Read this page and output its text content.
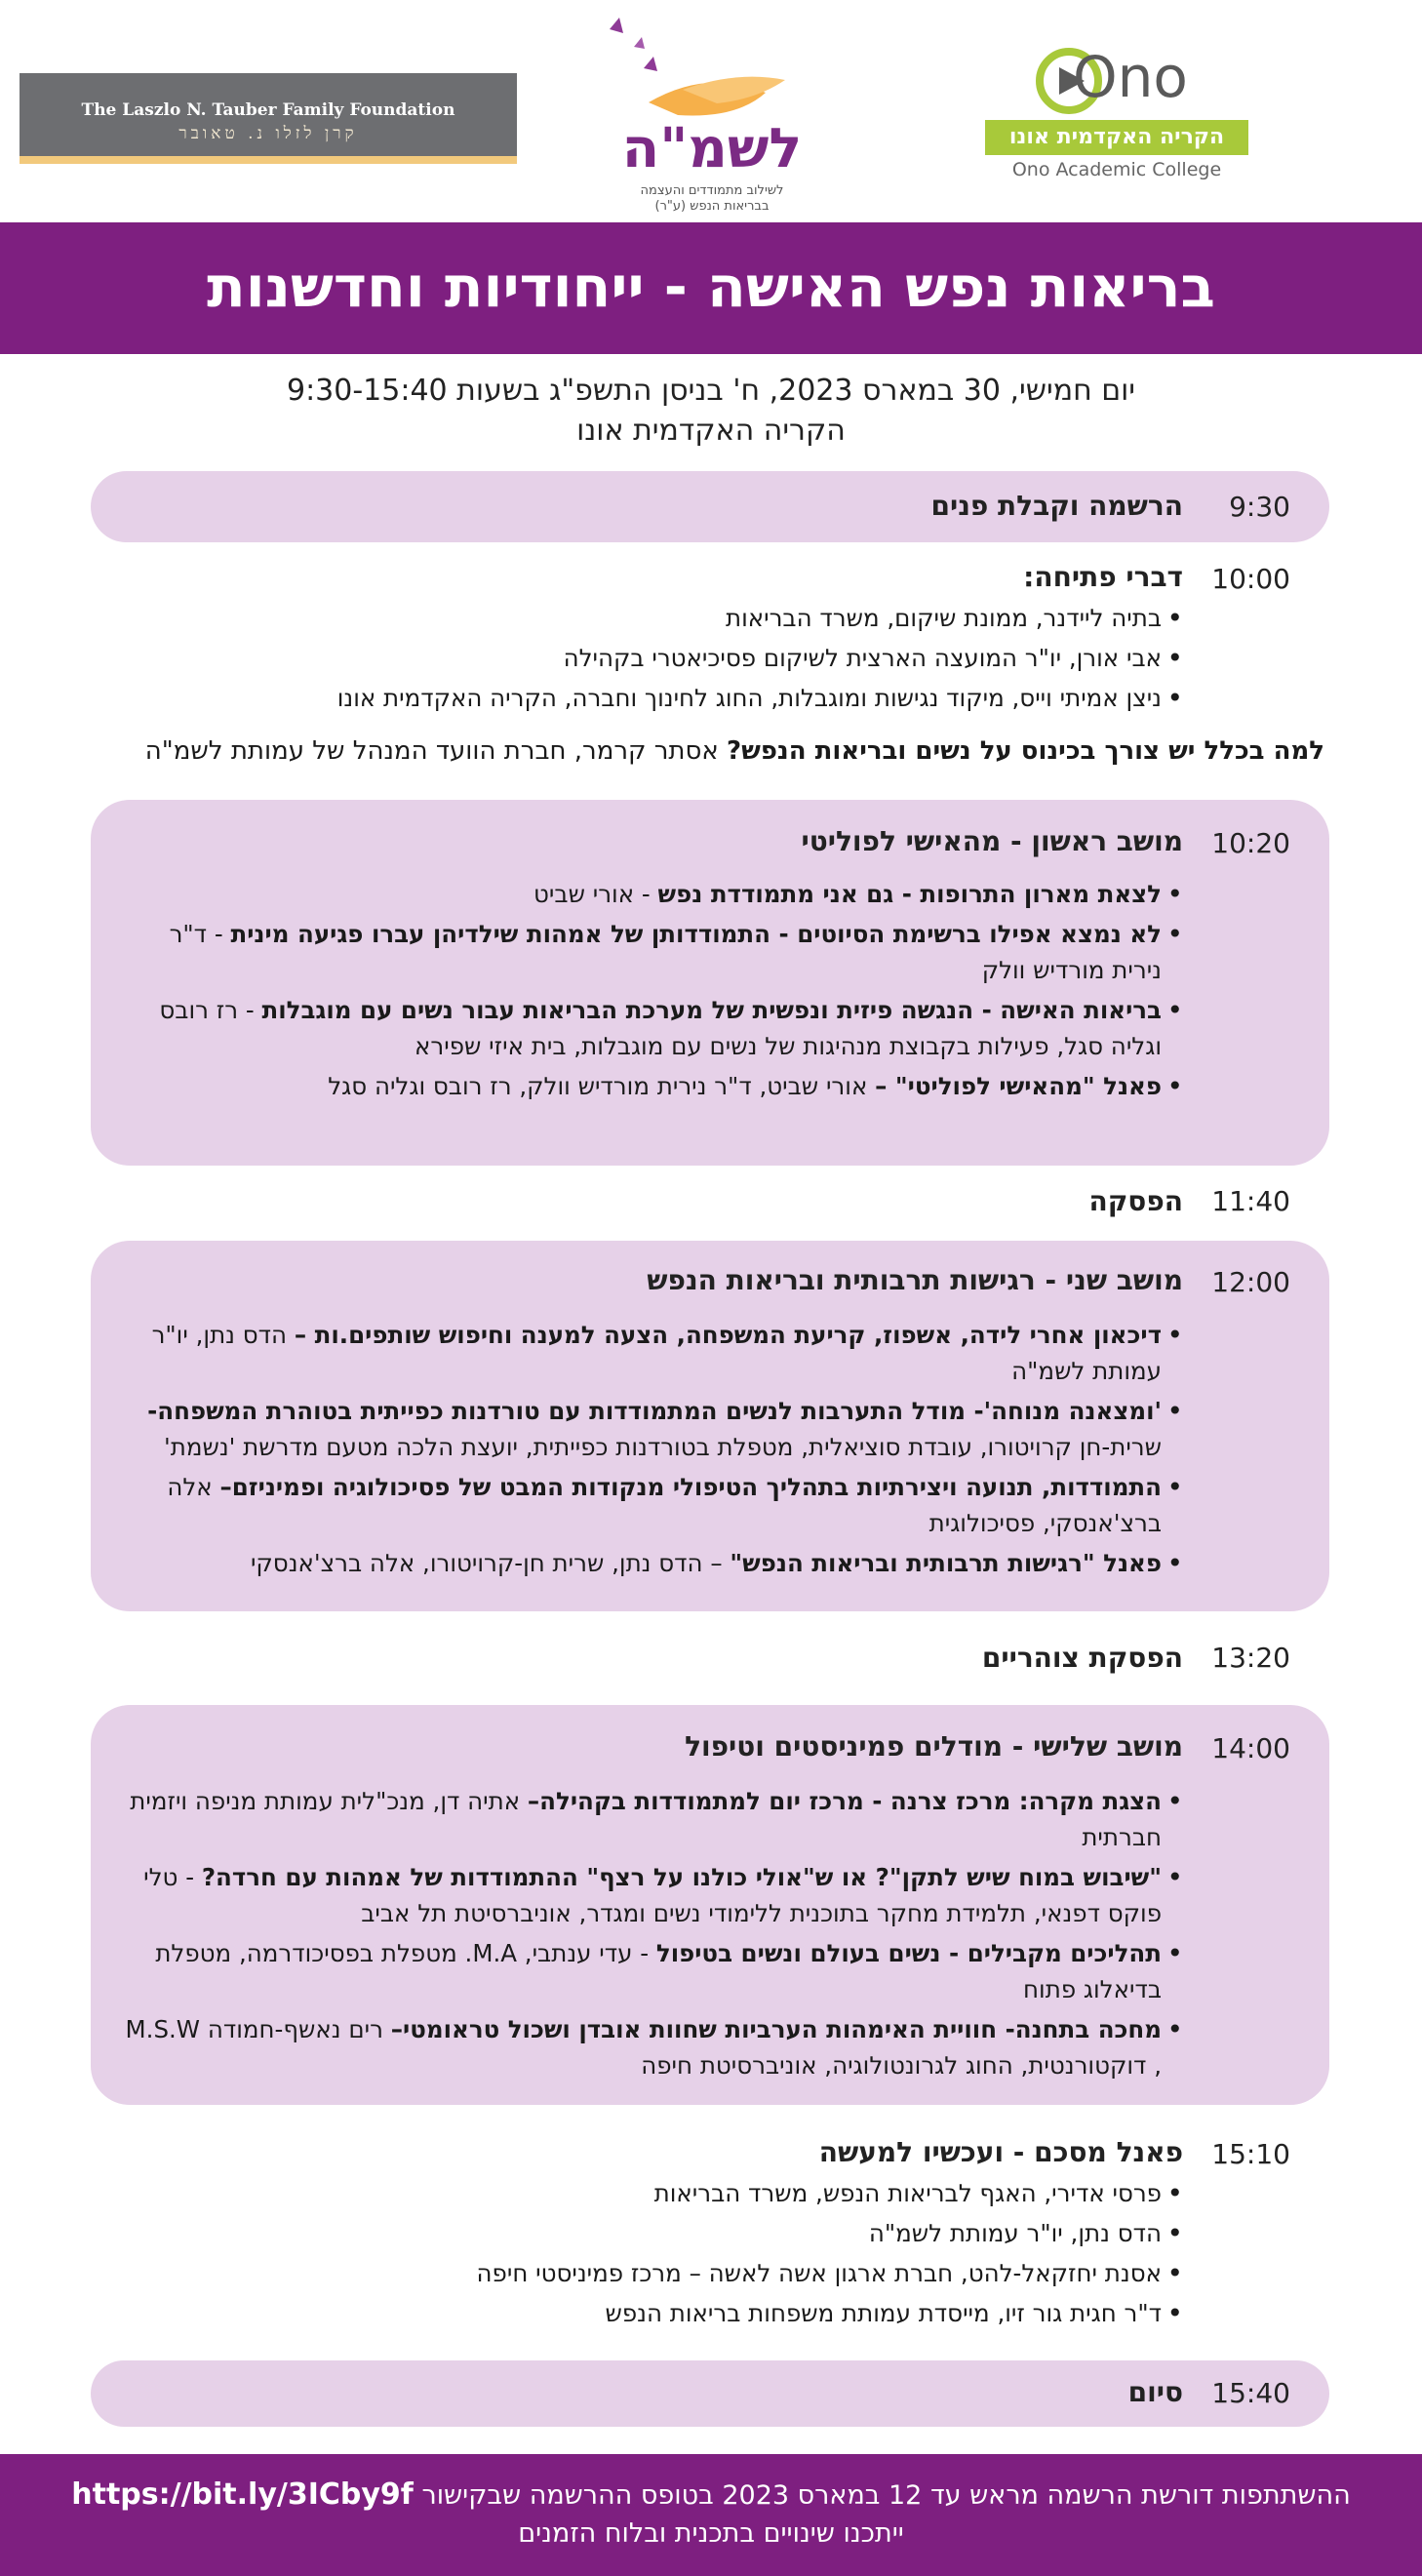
The Laszlo N. Tauber Family Foundation
קרן לזלו נ. טאובר	לשמ"ה
לשילוב מתמודדים והעצמה
בבריאות הנפש (ע"ר)
Ono
הקריה האקדמית אונו
Ono Academic College
בריאות נפש האישה - ייחודיות וחדשנות
יום חמישי, 30 במארס 2023, ח' בניסן התשפ"ג בשעות 9:30-15:40
הקריה האקדמית אונו
9:30
הרשמה וקבלת פנים
10:00
דברי פתיחה:
• בתיה ליידנר, ממונת שיקום, משרד הבריאות
• אבי אורן, יו"ר המועצה הארצית לשיקום פסיכיאטרי בקהילה
• ניצן אמיתי וייס, מיקוד נגישות ומוגבלות, החוג לחינוך וחברה, הקריה האקדמית אונו
למה בכלל יש צורך בכינוס על נשים ובריאות הנפש? אסתר קרמר, חברת הוועד המנהל של עמותת לשמ"ה
10:20
מושב ראשון - מהאישי לפוליטי
• לצאת מארון התרופות - גם אני מתמודדת נפש - אורי שביט
• לא נמצא אפילו ברשימת הסיוטים - התמודדותן של אמהות שילדיהן עברו פגיעה מינית - ד"ר נירית מורדיש וולק
• בריאות האישה - הנגשה פיזית ונפשית של מערכת הבריאות עבור נשים עם מוגבלות - רז רובס וגליה סגל, פעילות בקבוצת מנהיגות של נשים עם מוגבלות, בית איזי שפירא
• פאנל "מהאישי לפוליטי" – אורי שביט, ד"ר נירית מורדיש וולק, רז רובס וגליה סגל
11:40
הפסקה
12:00
מושב שני - רגישות תרבותית ובריאות הנפש
• דיכאון אחרי לידה, אשפוז, קריעת המשפחה, הצעה למענה וחיפוש שותפים.ות – הדס נתן, יו"ר עמותת לשמ"ה
• 'ומצאנה מנוחה'- מודל התערבות לנשים המתמודדות עם טורדנות כפייתית בטוהרת המשפחה- שרית-חן קרויטורו, עובדת סוציאלית, מטפלת בטורדנות כפייתית, יועצת הלכה מטעם מדרשת 'נשמת'
• התמודדות, תנועה ויצירתיות בתהליך הטיפולי מנקודות המבט של פסיכולוגיה ופמיניזם– אלה ברצ'אנסקי, פסיכולוגית
• פאנל "רגישות תרבותית ובריאות הנפש" – הדס נתן, שרית חן-קרויטורו, אלה ברצ'אנסקי
13:20
הפסקת צוהריים
14:00
מושב שלישי - מודלים פמיניסטים וטיפול
• הצגת מקרה: מרכז צרנה - מרכז יום למתמודדות בקהילה– אתיה דן, מנכ"לית עמותת מניפה ויזמית חברתית
• "שיבוש במוח שיש לתקן"? או ש"אולי כולנו על רצף" ההתמודדות של אמהות עם חרדה? - טלי פוקס דפנאי, תלמידת מחקר בתוכנית ללימודי נשים ומגדר, אוניברסיטת תל אביב
• תהליכים מקבילים - נשים בעולם ונשים בטיפול - עדי ענתבי, M.A. מטפלת בפסיכודרמה, מטפלת בדיאלוג פתוח
• מחכה בתחנה- חוויית האימהות הערביות שחוות אובדן ושכול טראומטי– רים נאשף-חמודה M.S.W , דוקטורנטית, החוג לגרונטולוגיה, אוניברסיטת חיפה
15:10
פאנל מסכם - ועכשיו למעשה
• פרסי אדירי, האגף לבריאות הנפש, משרד הבריאות
• הדס נתן, יו"ר עמותת לשמ"ה
• אסנת יחזקאל-להט, חברת ארגון אשה לאשה – מרכז פמיניסטי חיפה
• ד"ר חגית גור זיו, מייסדת עמותת משפחות בריאות הנפש
15:40
סיום
ההשתתפות דורשת הרשמה מראש עד 12 במארס 2023 בטופס ההרשמה שבקישור https://bit.ly/3ICby9f
ייתכנו שינויים בתכנית ובלוח הזמנים
